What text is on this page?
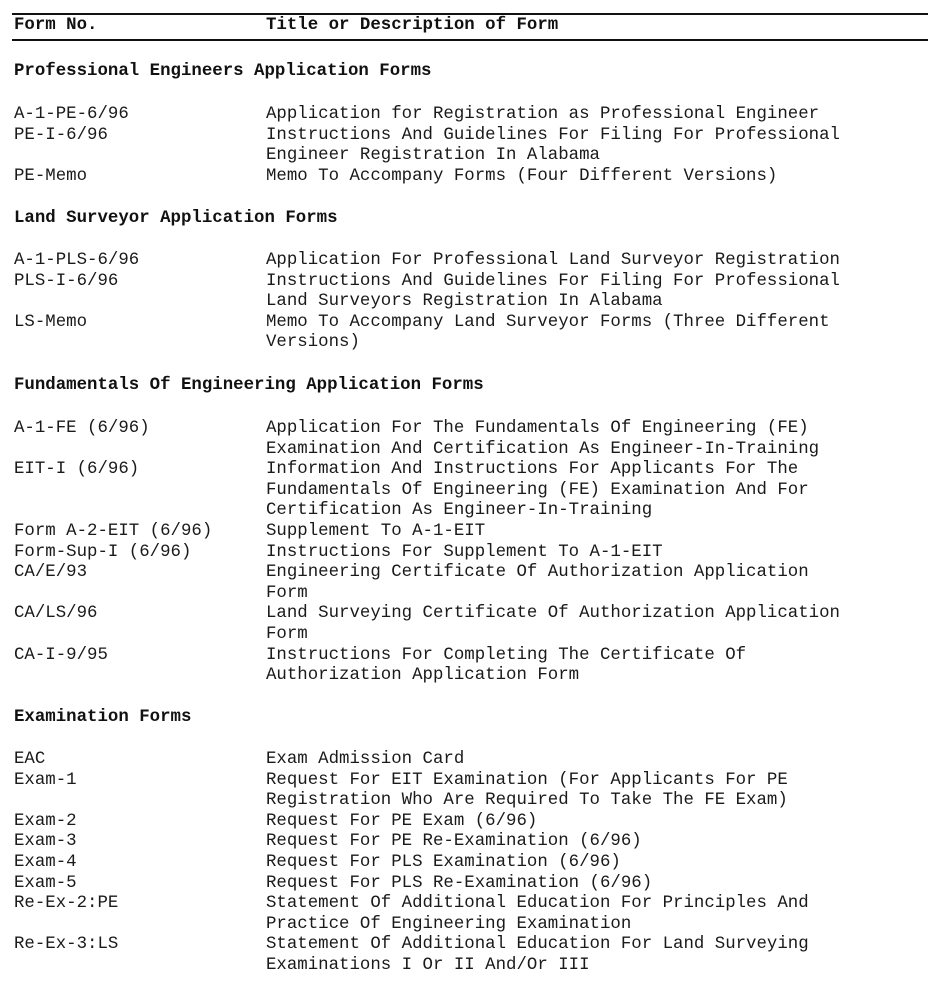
Form No.	Title or Description of Form
Professional Engineers Application Forms
A-1-PE-6/96	Application for Registration as Professional Engineer
PE-I-6/96	Instructions And Guidelines For Filing For Professional
Engineer Registration In Alabama
PE-Memo	Memo To Accompany Forms (Four Different Versions)
Land Surveyor Application Forms
A-1-PLS-6/96	Application For Professional Land Surveyor Registration
PLS-I-6/96	Instructions And Guidelines For Filing For Professional
Land Surveyors Registration In Alabama
LS-Memo	Memo To Accompany Land Surveyor Forms (Three Different
Versions)
Fundamentals Of Engineering Application Forms
A-1-FE (6/96)	Application For The Fundamentals Of Engineering (FE)
Examination And Certification As Engineer-In-Training
EIT-I (6/96)	Information And Instructions For Applicants For The
Fundamentals Of Engineering (FE) Examination And For
Certification As Engineer-In-Training
Form A-2-EIT (6/96)	Supplement To A-1-EIT
Form-Sup-I (6/96)	Instructions For Supplement To A-1-EIT
CA/E/93	Engineering Certificate Of Authorization Application
Form
CA/LS/96	Land Surveying Certificate Of Authorization Application
Form
CA-I-9/95	Instructions For Completing The Certificate Of
Authorization Application Form
Examination Forms
EAC	Exam Admission Card
Exam-1	Request For EIT Examination (For Applicants For PE
Registration Who Are Required To Take The FE Exam)
Exam-2	Request For PE Exam (6/96)
Exam-3	Request For PE Re-Examination (6/96)
Exam-4	Request For PLS Examination (6/96)
Exam-5	Request For PLS Re-Examination (6/96)
Re-Ex-2:PE	Statement Of Additional Education For Principles And
Practice Of Engineering Examination
Re-Ex-3:LS	Statement Of Additional Education For Land Surveying
Examinations I Or II And/Or III
